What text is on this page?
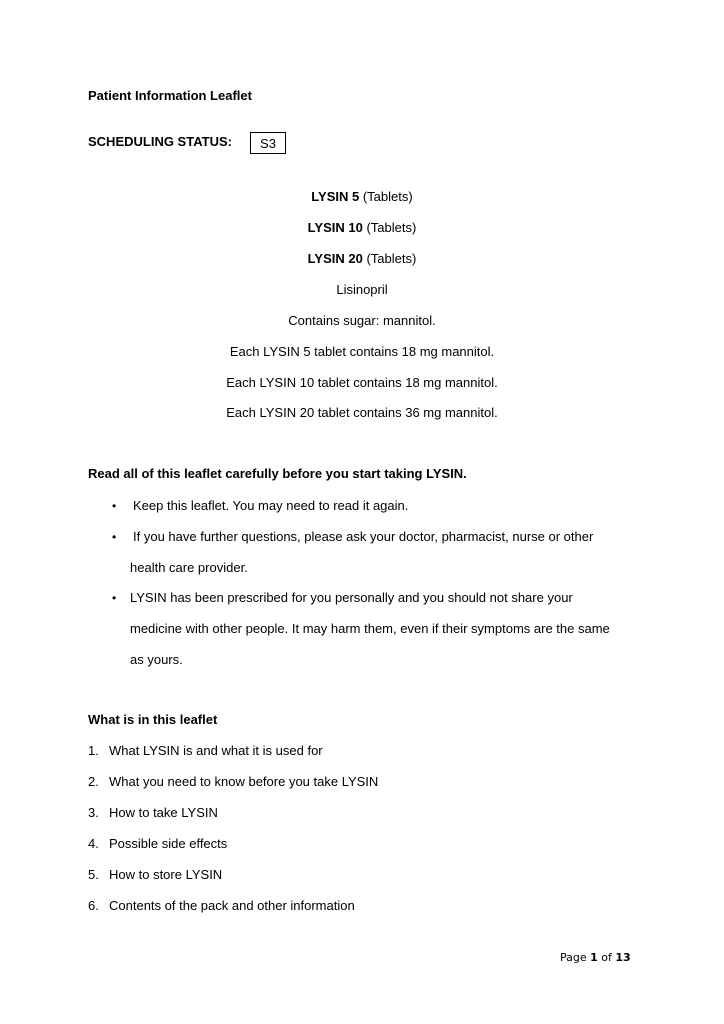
Patient Information Leaflet
SCHEDULING STATUS:	S3
LYSIN 5 (Tablets)
LYSIN 10 (Tablets)
LYSIN 20 (Tablets)
Lisinopril
Contains sugar: mannitol.
Each LYSIN 5 tablet contains 18 mg mannitol.
Each LYSIN 10 tablet contains 18 mg mannitol.
Each LYSIN 20 tablet contains 36 mg mannitol.
Read all of this leaflet carefully before you start taking LYSIN.
• Keep this leaflet. You may need to read it again.
• If you have further questions, please ask your doctor, pharmacist, nurse or other
health care provider.
• LYSIN has been prescribed for you personally and you should not share your
medicine with other people. It may harm them, even if their symptoms are the same
as yours.
What is in this leaflet
1. What LYSIN is and what it is used for
2. What you need to know before you take LYSIN
3. How to take LYSIN
4. Possible side effects
5. How to store LYSIN
6. Contents of the pack and other information
Page 1 of 13
